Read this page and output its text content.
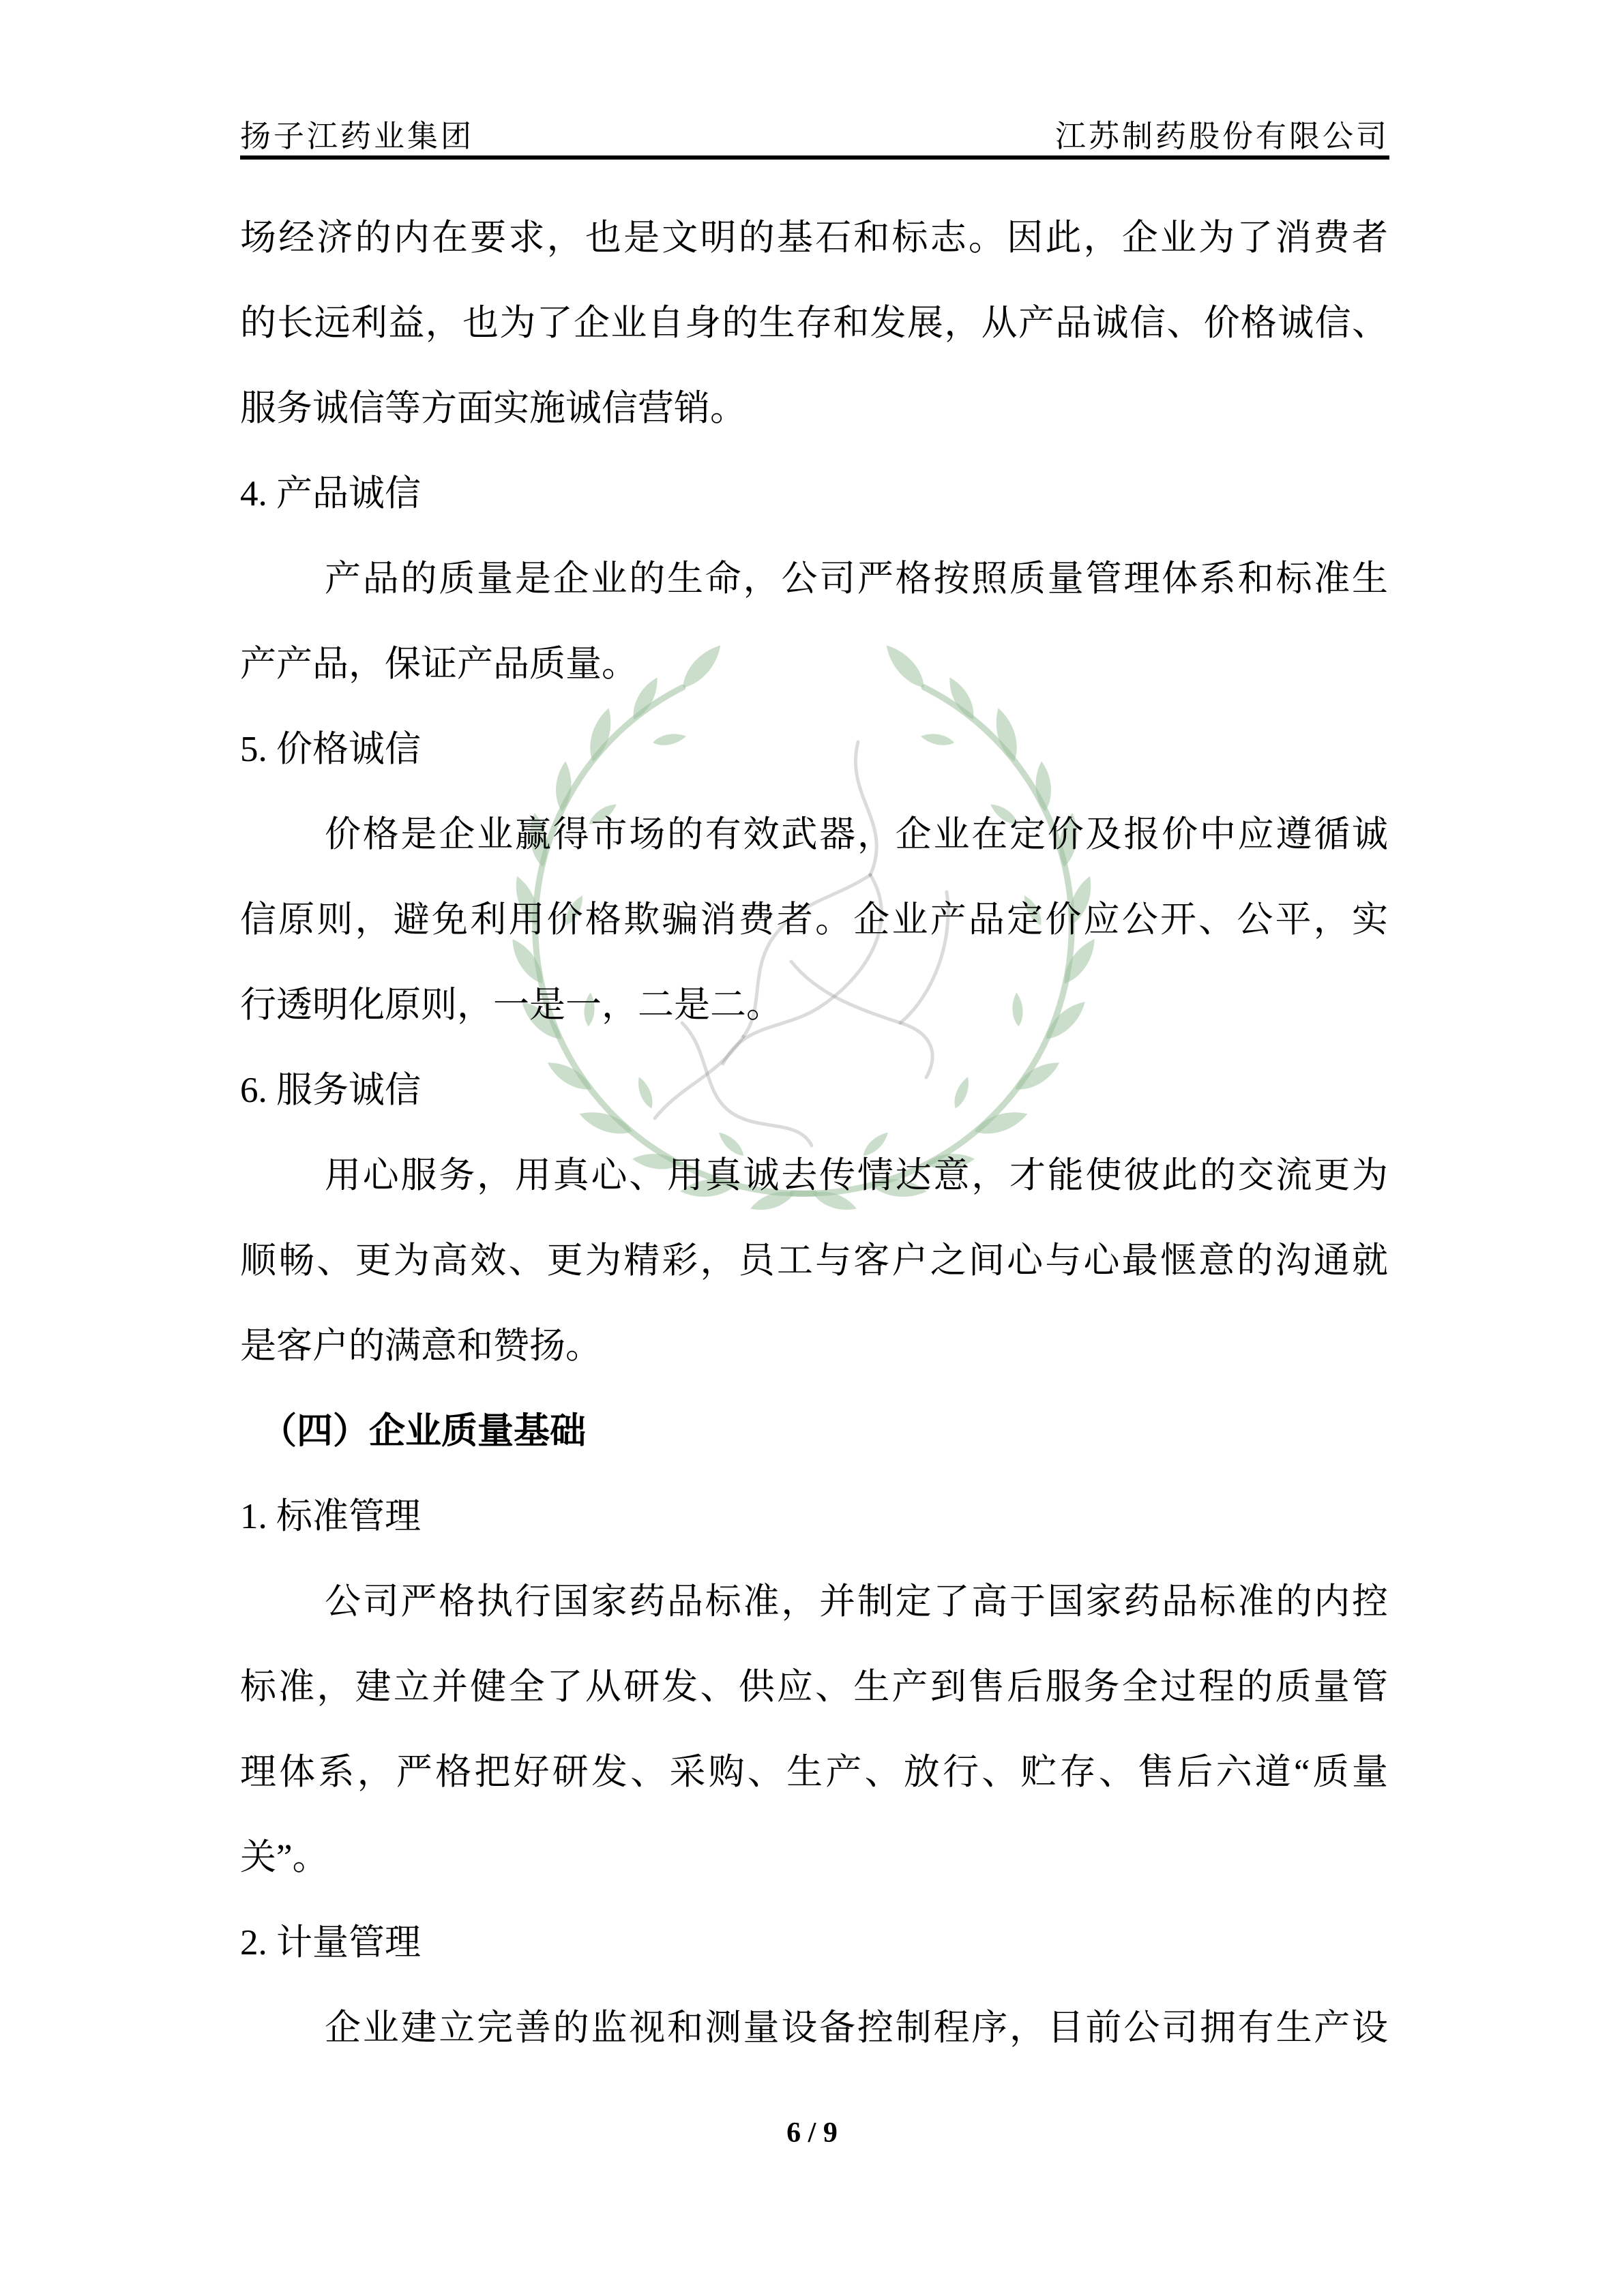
扬子江药业集团	江苏制药股份有限公司
场经济的内在要求，也是文明的基石和标志。因此，企业为了消费者
的长远利益，也为了企业自身的生存和发展，从产品诚信、价格诚信、
服务诚信等方面实施诚信营销。
4. 产品诚信
产品的质量是企业的生命，公司严格按照质量管理体系和标准生
产产品，保证产品质量。
5. 价格诚信
价格是企业赢得市场的有效武器，企业在定价及报价中应遵循诚
信原则，避免利用价格欺骗消费者。企业产品定价应公开、公平，实
行透明化原则，一是一，二是二。
6. 服务诚信
用心服务，用真心、用真诚去传情达意，才能使彼此的交流更为
顺畅、更为高效、更为精彩，员工与客户之间心与心最惬意的沟通就
是客户的满意和赞扬。
（四）企业质量基础
1. 标准管理
公司严格执行国家药品标准，并制定了高于国家药品标准的内控
标准，建立并健全了从研发、供应、生产到售后服务全过程的质量管
理体系，严格把好研发、采购、生产、放行、贮存、售后六道“质量
关”。
2. 计量管理
企业建立完善的监视和测量设备控制程序，目前公司拥有生产设
6 / 9
